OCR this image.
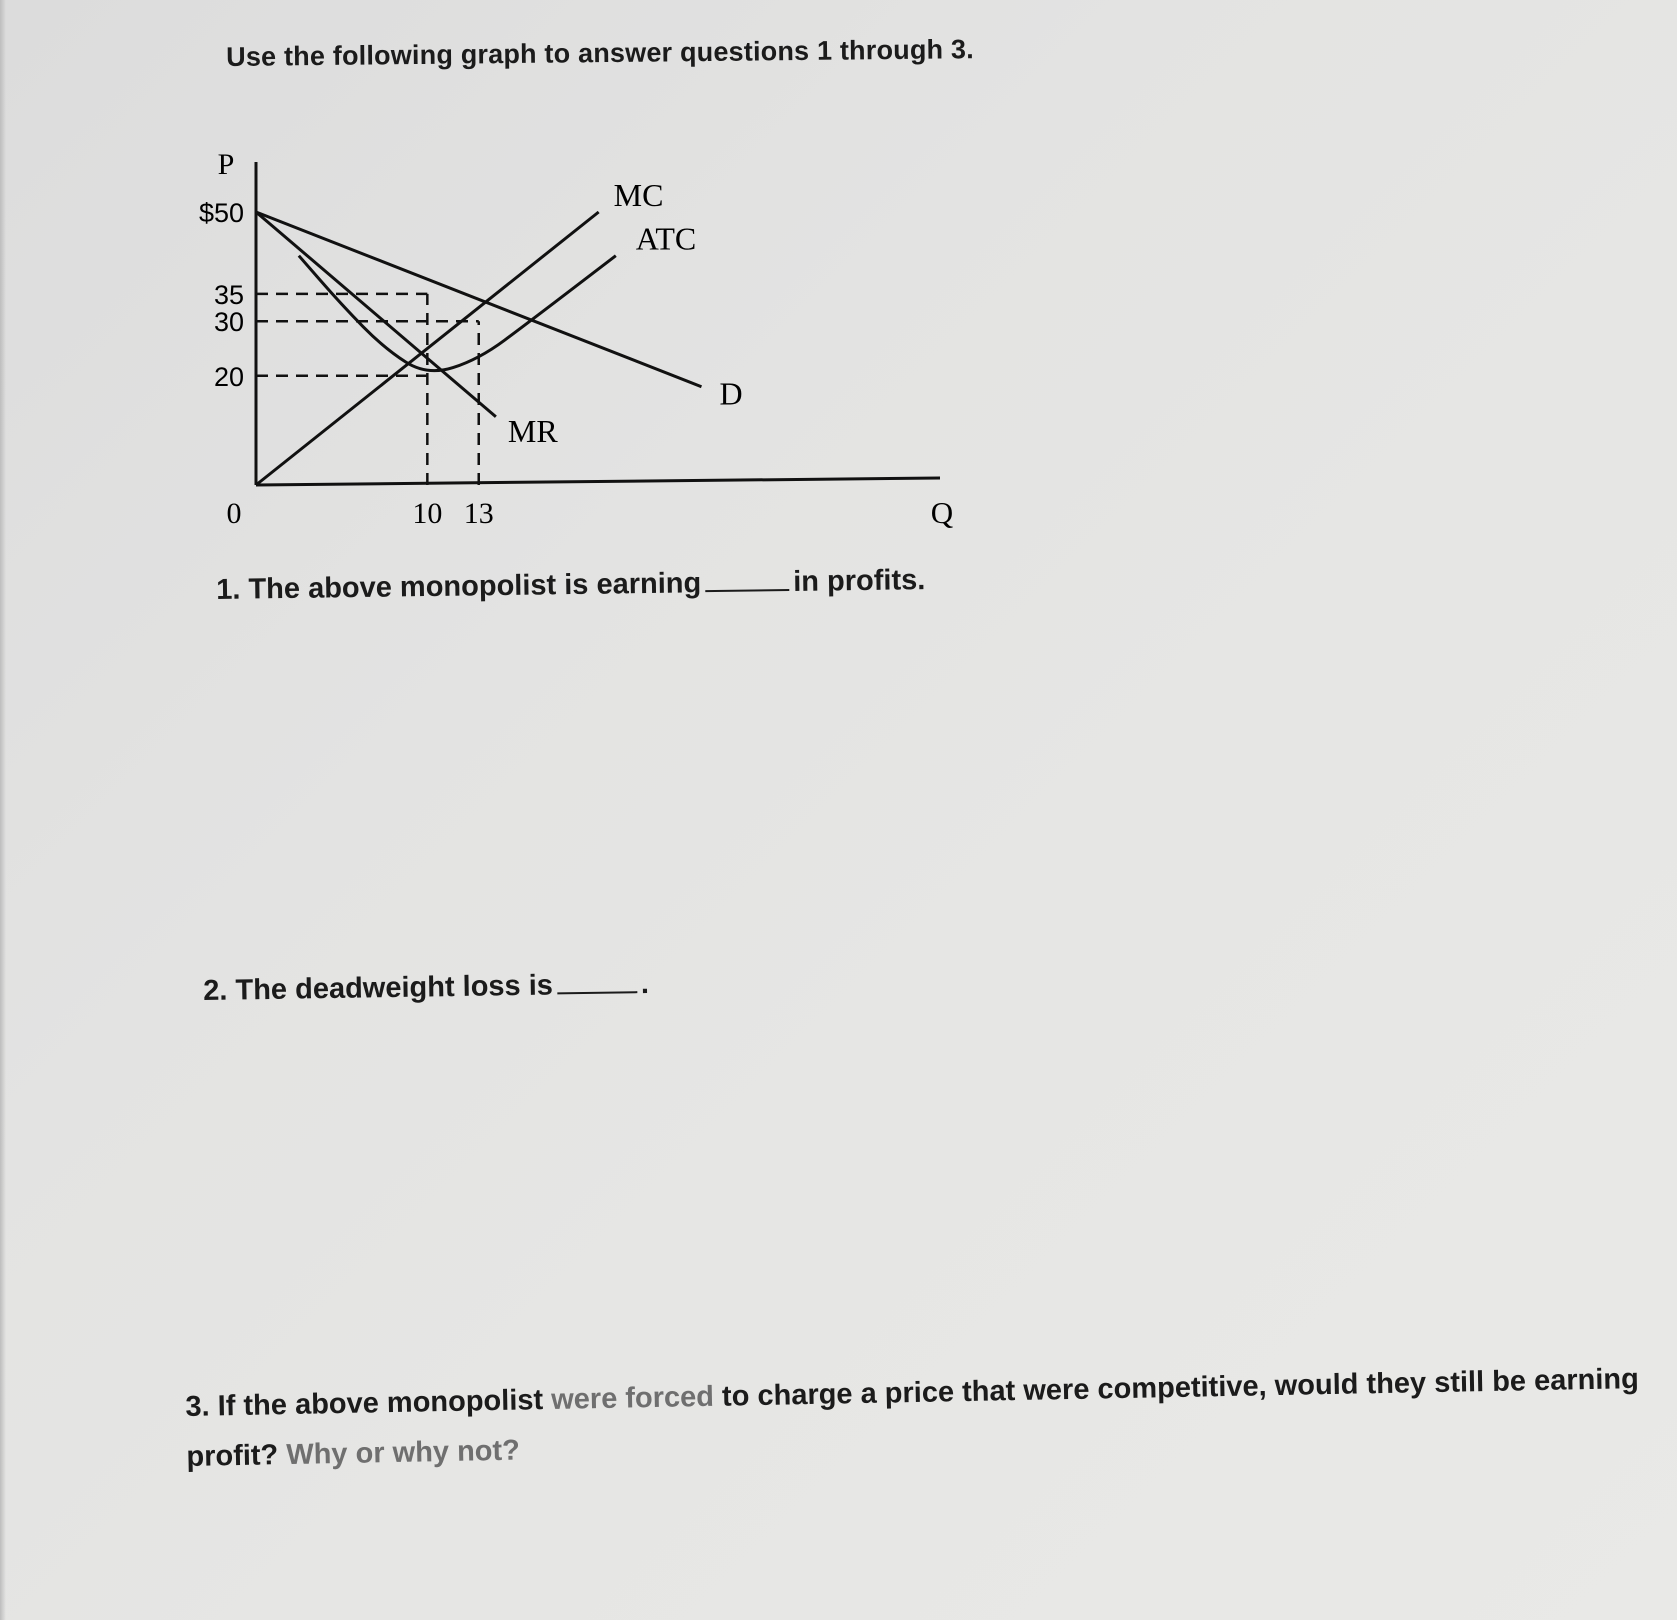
Use the following graph to answer questions 1 through 3.
P
Q
D
MR
MC
ATC
$50
35
30
20
0	10 13
1. The above monopolist is earning	in profits.
2. The deadweight loss is	.
3. If the above monopolist were forced to charge a price that were competitive, would they still be earning profit? Why or why not?
